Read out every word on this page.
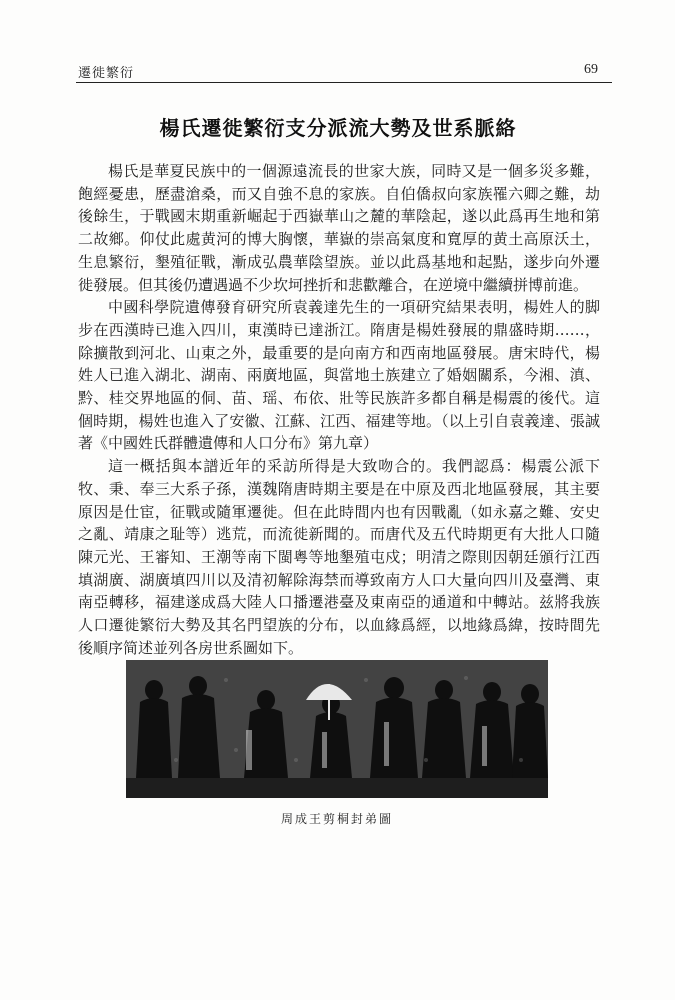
遷徙繁衍	69
楊氏遷徙繁衍支分派流大勢及世系脈絡

楊氏是華夏民族中的一個源遠流長的世家大族，同時又是一個多災多難，飽經憂患，歷盡滄桑，而又自強不息的家族。自伯僑叔向家族罹六卿之難，劫後餘生，于戰國末期重新崛起于西嶽華山之麓的華陰起，遂以此爲再生地和第二故鄉。仰仗此處黄河的博大胸懷，華嶽的崇高氣度和寬厚的黄土高原沃土，生息繁衍，墾殖征戰，漸成弘農華陰望族。並以此爲基地和起點，遂步向外遷徙發展。但其後仍遭遇過不少坎坷挫折和悲歡離合，在逆境中繼續拼博前進。

中國科學院遺傳發育研究所袁義達先生的一項研究結果表明，楊姓人的脚步在西漢時已進入四川，東漢時已達浙江。隋唐是楊姓發展的鼎盛時期……，除擴散到河北、山東之外，最重要的是向南方和西南地區發展。唐宋時代，楊姓人已進入湖北、湖南、兩廣地區，與當地土族建立了婚姻關系，今湘、滇、黔、桂交界地區的侗、苗、瑶、布依、壯等民族許多都自稱是楊震的後代。這個時期，楊姓也進入了安徽、江蘇、江西、福建等地。（以上引自袁義達、張誠著《中國姓氏群體遺傳和人口分布》第九章）

這一概括與本譜近年的采訪所得是大致吻合的。我們認爲：楊震公派下牧、秉、奉三大系子孫，漢魏隋唐時期主要是在中原及西北地區發展，其主要原因是仕宦，征戰或隨軍遷徙。但在此時間内也有因戰亂（如永嘉之難、安史之亂、靖康之耻等）逃荒，而流徙新聞的。而唐代及五代時期更有大批人口隨陳元光、王審知、王潮等南下閩粵等地墾殖屯戍；明清之際則因朝廷頒行江西填湖廣、湖廣填四川以及清初解除海禁而導致南方人口大量向四川及臺灣、東南亞轉移，福建遂成爲大陸人口播遷港臺及東南亞的通道和中轉站。兹將我族人口遷徙繁衍大勢及其名門望族的分布，以血緣爲經，以地緣爲緯，按時間先後順序简述並列各房世系圖如下。

周成王剪桐封弟圖
